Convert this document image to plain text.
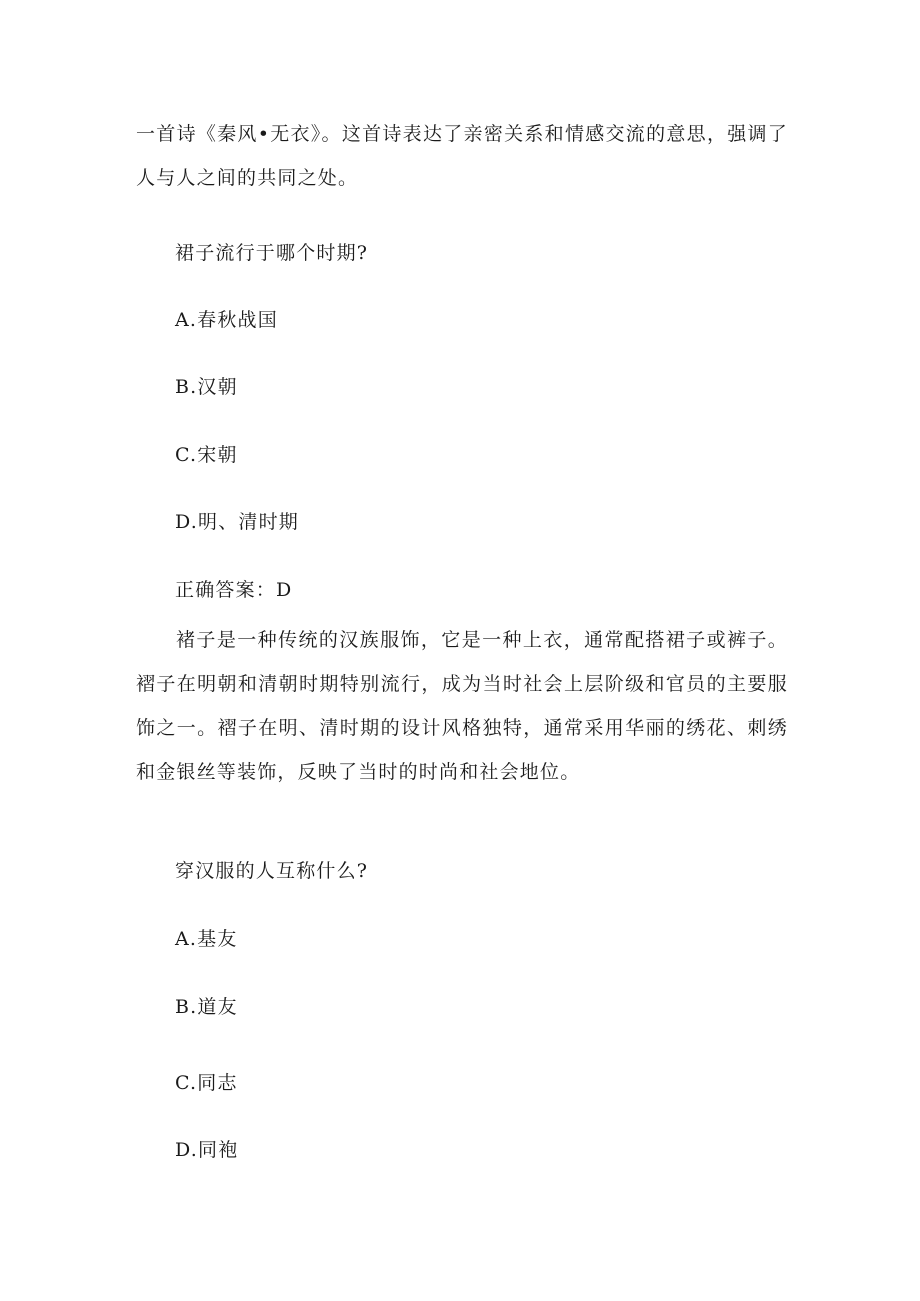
一首诗《秦风•无衣》。这首诗表达了亲密关系和情感交流的意思，强调了人与人之间的共同之处。

裙子流行于哪个时期?

A.春秋战国

B.汉朝

C.宋朝

D.明、清时期

正确答案：D

褚子是一种传统的汉族服饰，它是一种上衣，通常配搭裙子或裤子。褶子在明朝和清朝时期特别流行，成为当时社会上层阶级和官员的主要服饰之一。褶子在明、清时期的设计风格独特，通常采用华丽的绣花、刺绣和金银丝等装饰，反映了当时的时尚和社会地位。

穿汉服的人互称什么?

A.基友

B.道友

C.同志

D.同袍
